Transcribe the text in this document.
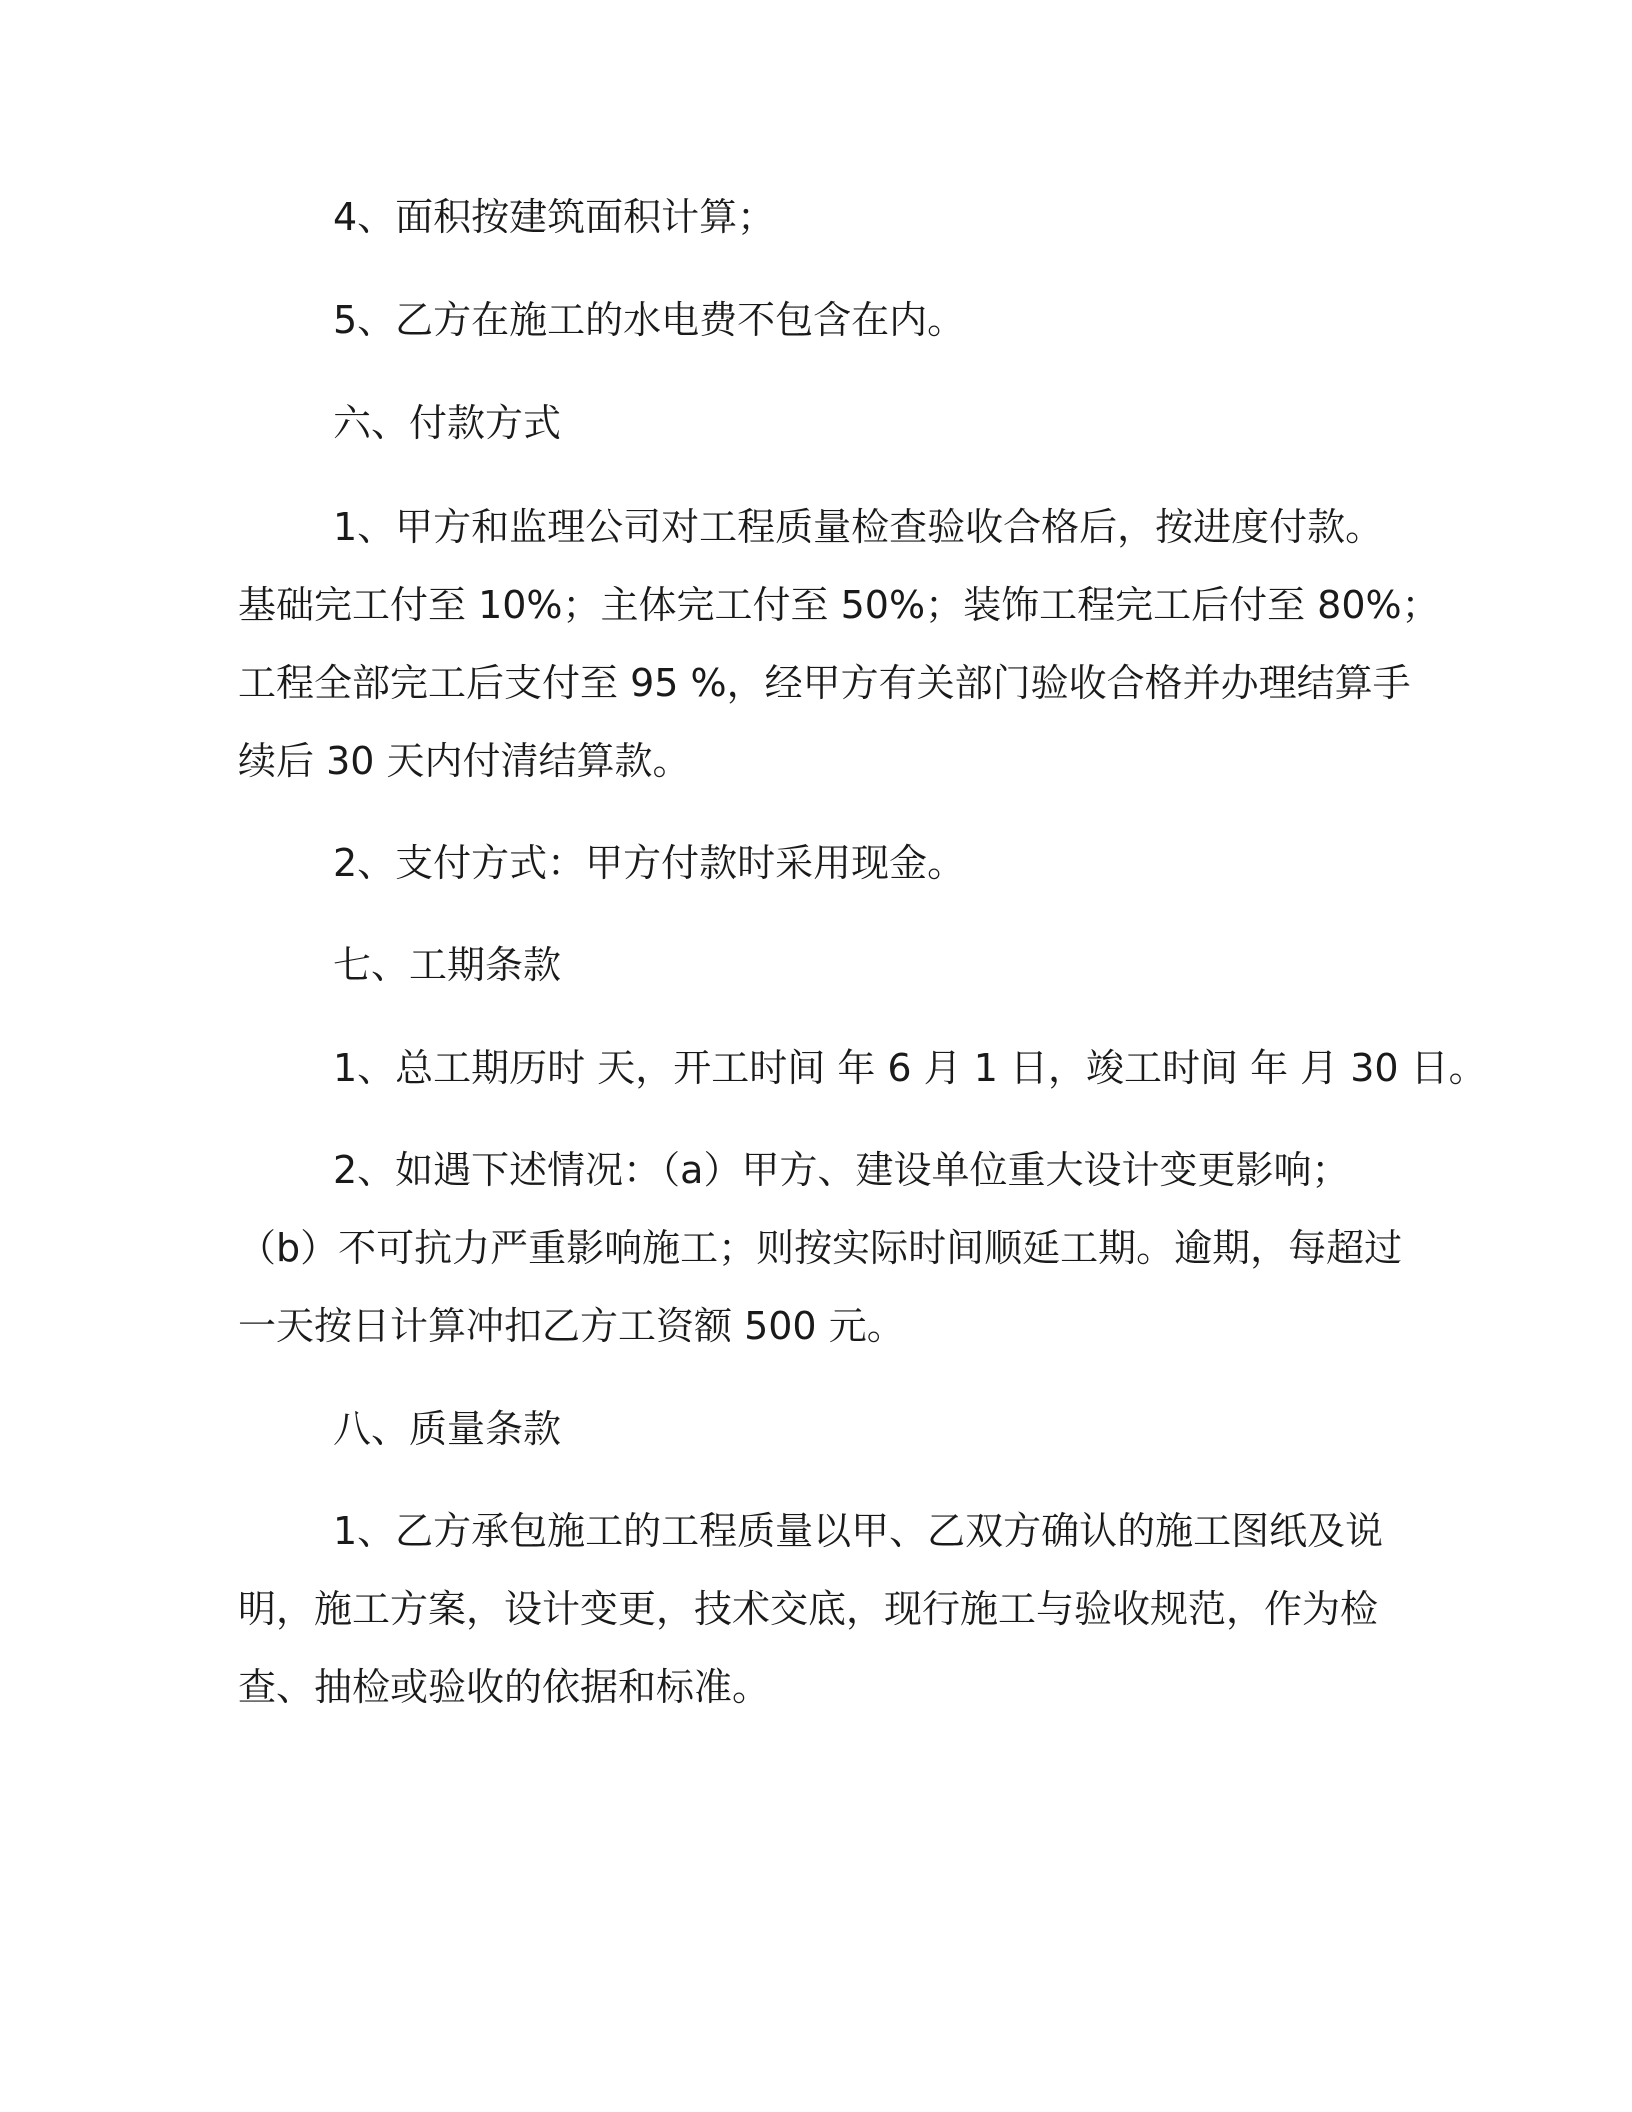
4、面积按建筑面积计算；

5、乙方在施工的水电费不包含在内。

六、付款方式

1、甲方和监理公司对工程质量检查验收合格后，按进度付款。

基础完工付至 10%；主体完工付至 50%；装饰工程完工后付至 80%；

工程全部完工后支付至 95 %，经甲方有关部门验收合格并办理结算手

续后 30 天内付清结算款。

2、支付方式：甲方付款时采用现金。

七、工期条款

1、总工期历时 天，开工时间 年 6 月 1 日，竣工时间 年 月 30 日。

2、如遇下述情况：（a）甲方、建设单位重大设计变更影响；

（b）不可抗力严重影响施工；则按实际时间顺延工期。逾期，每超过

一天按日计算冲扣乙方工资额 500 元。

八、质量条款

1、乙方承包施工的工程质量以甲、乙双方确认的施工图纸及说

明，施工方案，设计变更，技术交底，现行施工与验收规范，作为检

查、抽检或验收的依据和标准。
